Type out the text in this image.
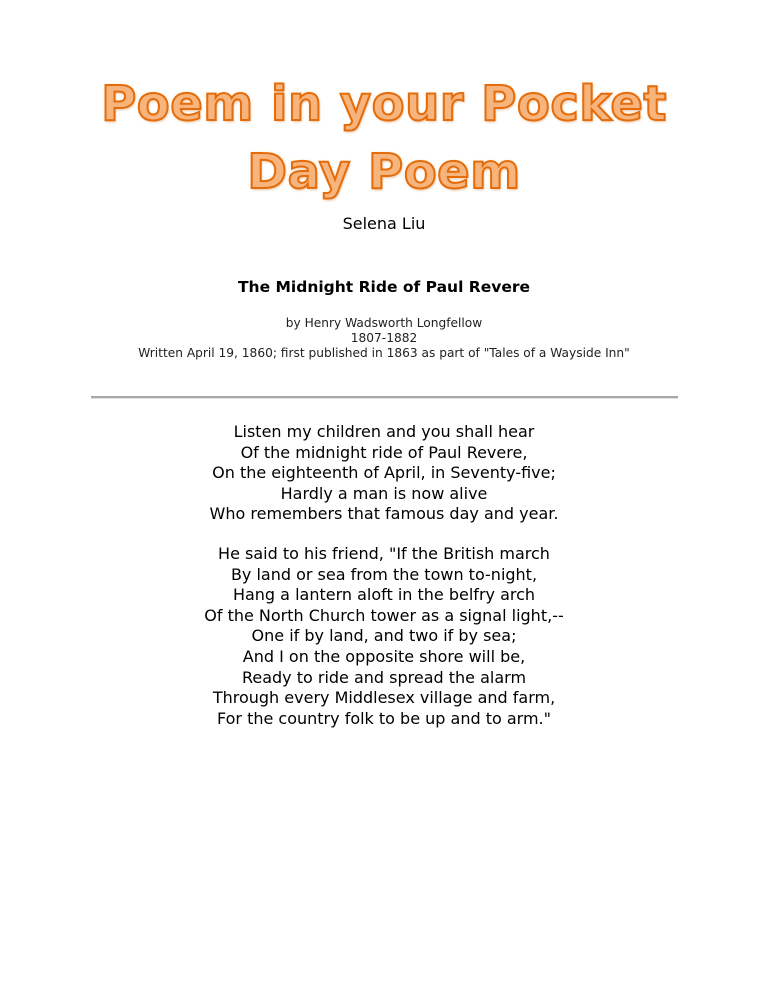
Poem in your Pocket
Day Poem
Selena Liu
The Midnight Ride of Paul Revere
by Henry Wadsworth Longfellow
1807-1882
Written April 19, 1860; first published in 1863 as part of "Tales of a Wayside Inn"
Listen my children and you shall hear
Of the midnight ride of Paul Revere,
On the eighteenth of April, in Seventy-five;
Hardly a man is now alive
Who remembers that famous day and year.
He said to his friend, "If the British march
By land or sea from the town to-night,
Hang a lantern aloft in the belfry arch
Of the North Church tower as a signal light,--
One if by land, and two if by sea;
And I on the opposite shore will be,
Ready to ride and spread the alarm
Through every Middlesex village and farm,
For the country folk to be up and to arm."
